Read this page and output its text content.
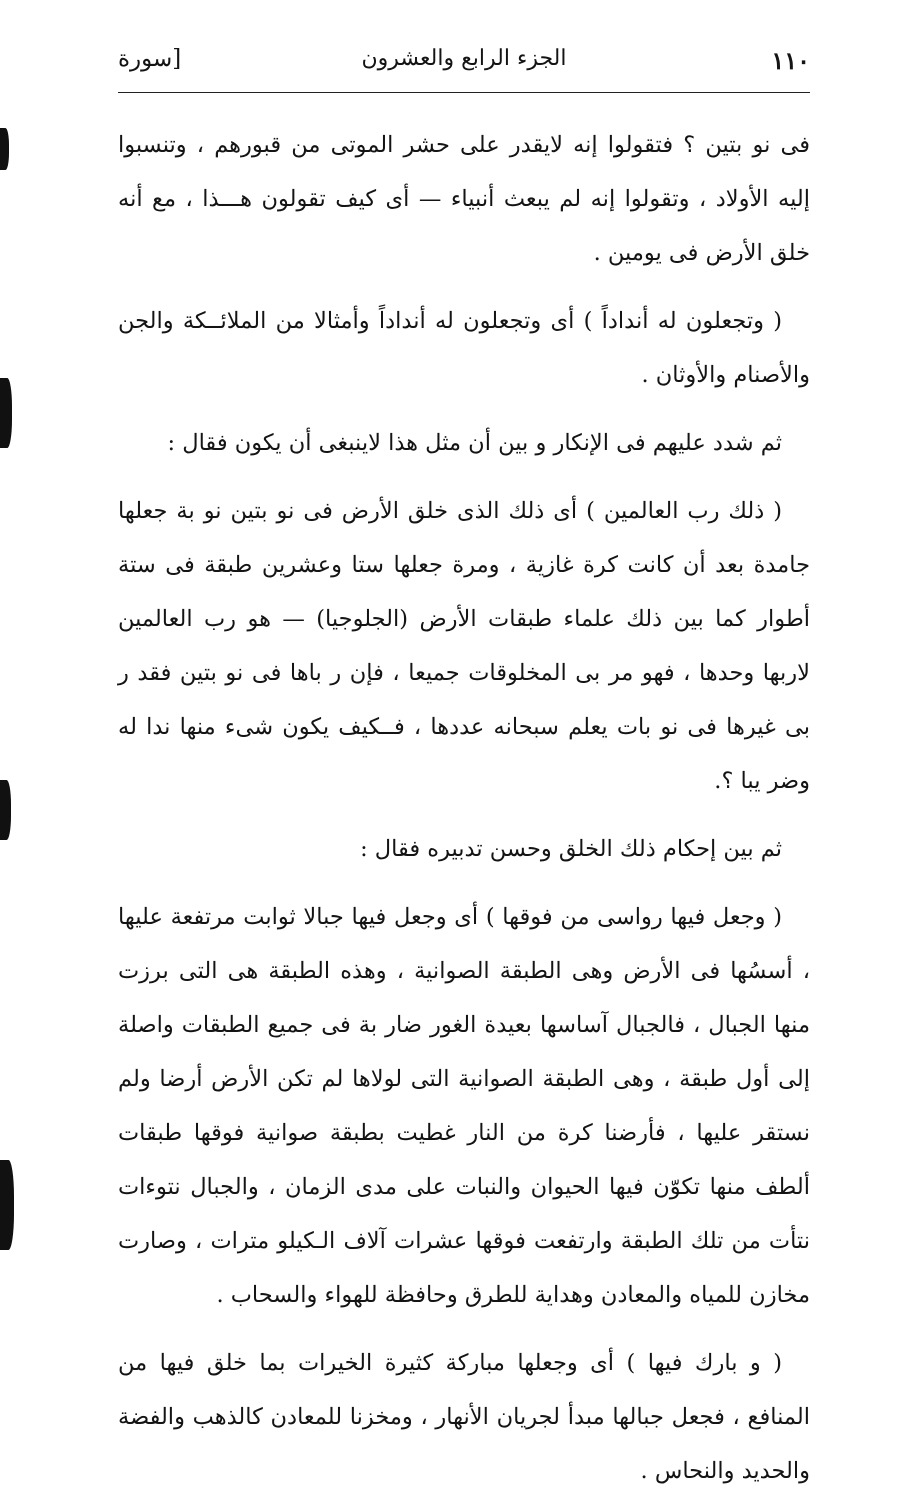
١١٠
الجزء الرابع والعشرون
[سورة

فى نو بتين ؟ فتقولوا إنه لايقدر على حشر الموتى من قبورهم ، وتنسبوا إليه الأولاد ، وتقولوا إنه لم يبعث أنبياء — أى كيف تقولون هـــذا ، مع أنه خلق الأرض فى يومين .

( وتجعلون له أنداداً ) أى وتجعلون له أنداداً وأمثالا من الملائــكة والجن والأصنام والأوثان .

ثم شدد عليهم فى الإنكار و بين أن مثل هذا لاينبغى أن يكون فقال :

( ذلك رب العالمين ) أى ذلك الذى خلق الأرض فى نو بتين نو بة جعلها جامدة بعد أن كانت كرة غازية ، ومرة جعلها ستا وعشرين طبقة فى ستة أطوار كما بين ذلك علماء طبقات الأرض (الجلوجيا) — هو رب العالمين لاربها وحدها ، فهو مر بى المخلوقات جميعا ، فإن ر باها فى نو بتين فقد ر بى غيرها فى نو بات يعلم سبحانه عددها ، فــكيف يكون شىء منها ندا له وضر يبا ؟.

ثم بين إحكام ذلك الخلق وحسن تدبيره فقال :

( وجعل فيها رواسى من فوقها ) أى وجعل فيها جبالا ثوابت مرتفعة عليها ، أسسُها فى الأرض وهى الطبقة الصوانية ، وهذه الطبقة هى التى برزت منها الجبال ، فالجبال آساسها بعيدة الغور ضار بة فى جميع الطبقات واصلة إلى أول طبقة ، وهى الطبقة الصوانية التى لولاها لم تكن الأرض أرضا ولم نستقر عليها ، فأرضنا كرة من النار غطيت بطبقة صوانية فوقها طبقات ألطف منها تكوّن فيها الحيوان والنبات على مدى الزمان ، والجبال نتوءات نتأت من تلك الطبقة وارتفعت فوقها عشرات آلاف الـكيلو مترات ، وصارت مخازن للمياه والمعادن وهداية للطرق وحافظة للهواء والسحاب .

( و بارك فيها ) أى وجعلها مباركة كثيرة الخيرات بما خلق فيها من المنافع ، فجعل جبالها مبدأ لجريان الأنهار ، ومخزنا للمعادن كالذهب والفضة والحديد والنحاس .
